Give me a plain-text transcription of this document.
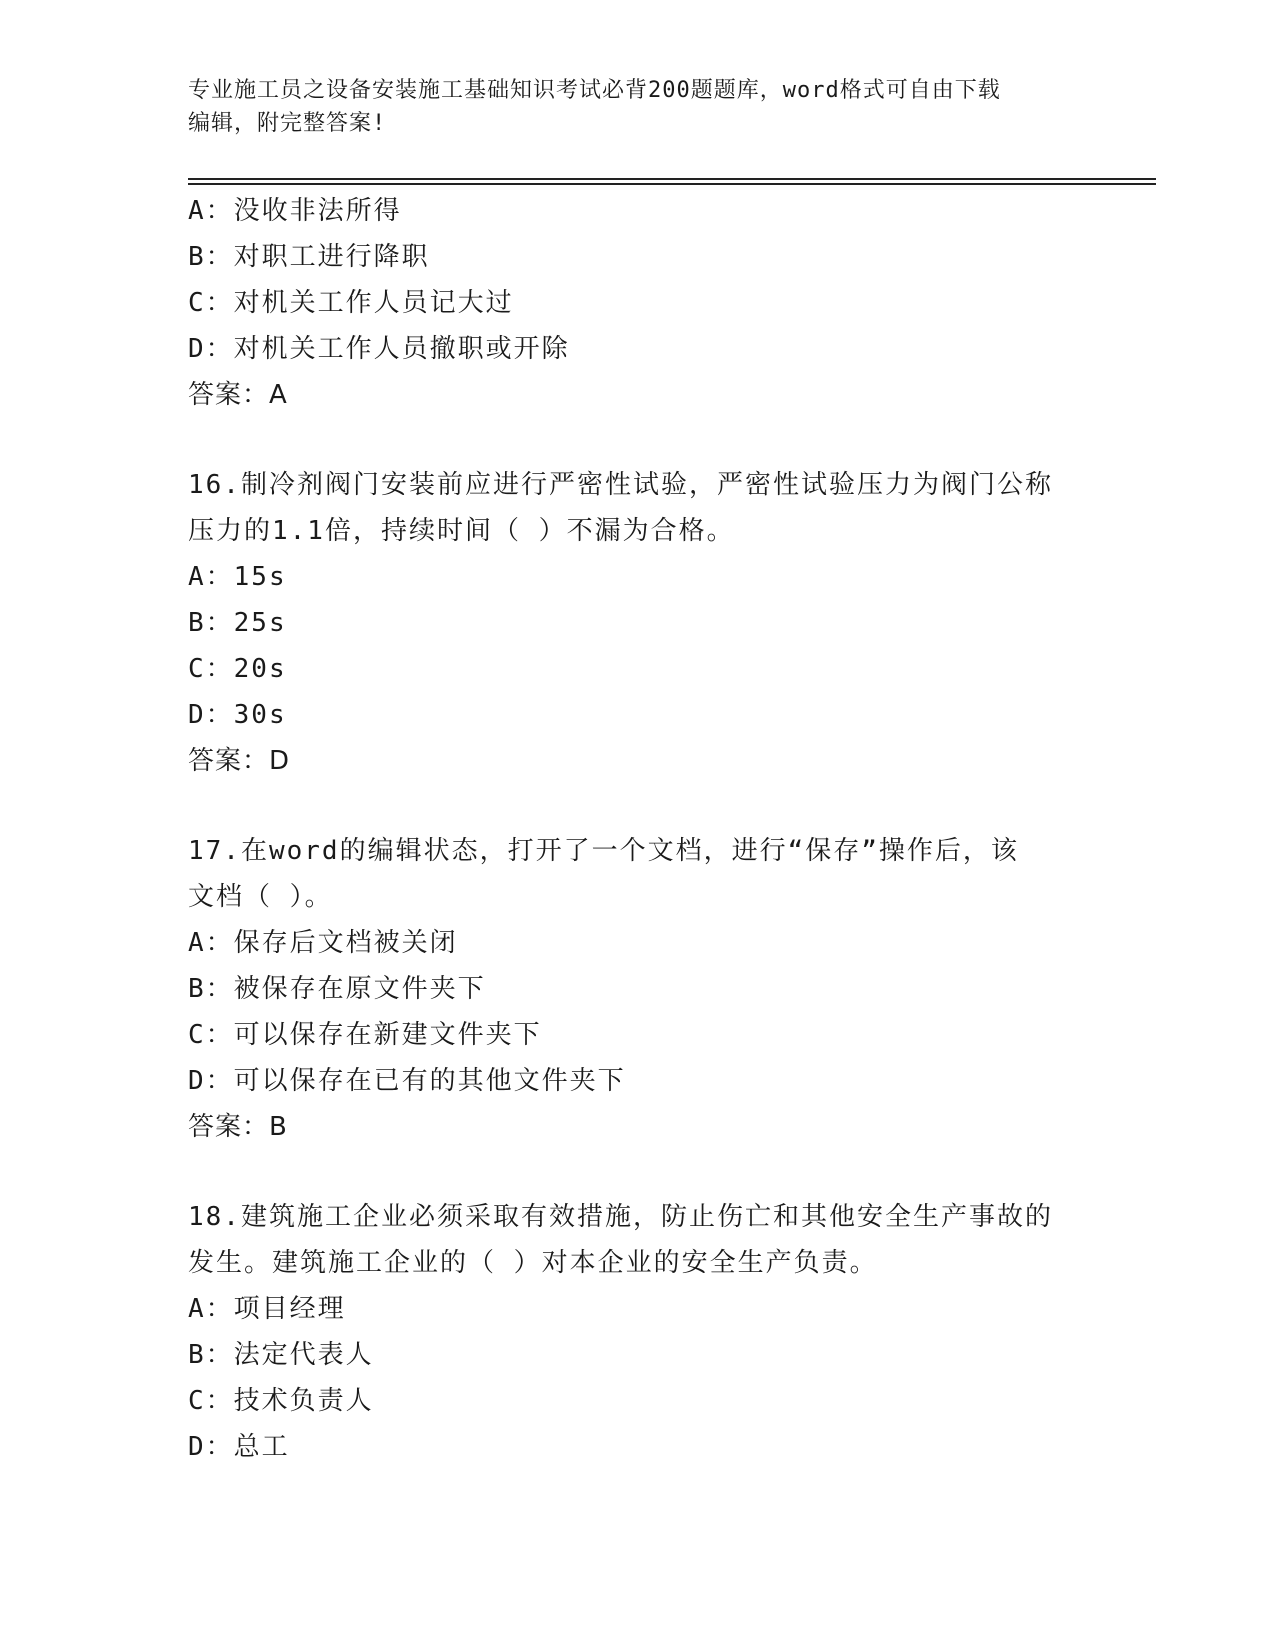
专业施工员之设备安装施工基础知识考试必背200题题库，word格式可自由下载
编辑，附完整答案!
A：没收非法所得
B：对职工进行降职
C：对机关工作人员记大过
D：对机关工作人员撤职或开除
答案：A
16.制冷剂阀门安装前应进行严密性试验，严密性试验压力为阀门公称
压力的1.1倍，持续时间（ ）不漏为合格。
A：15s
B：25s
C：20s
D：30s
答案：D
17.在word的编辑状态，打开了一个文档，进行“保存”操作后，该
文档（ ）。
A：保存后文档被关闭
B：被保存在原文件夹下
C：可以保存在新建文件夹下
D：可以保存在已有的其他文件夹下
答案：B
18.建筑施工企业必须采取有效措施，防止伤亡和其他安全生产事故的
发生。建筑施工企业的（ ）对本企业的安全生产负责。
A：项目经理
B：法定代表人
C：技术负责人
D：总工
